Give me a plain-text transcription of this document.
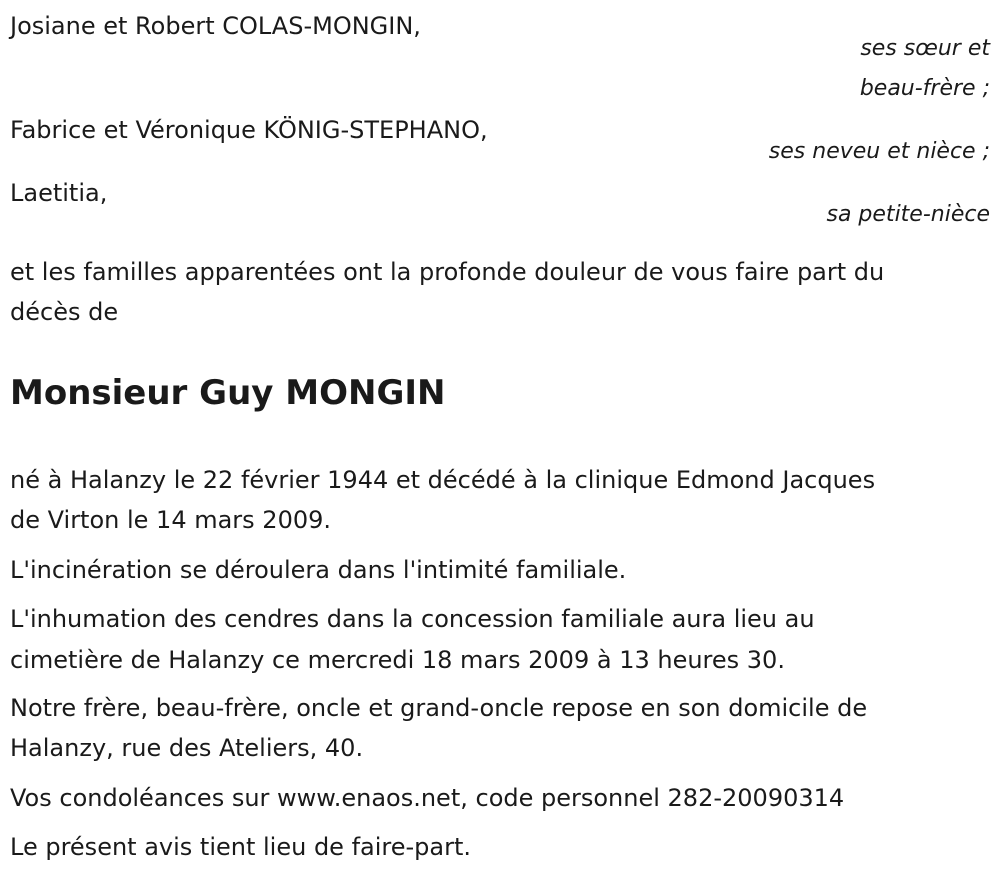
Josiane et Robert COLAS-MONGIN,

ses sœur et

beau-frère ;

Fabrice et Véronique KÖNIG-STEPHANO,

ses neveu et nièce ;

Laetitia,

sa petite-nièce

et les familles apparentées ont la profonde douleur de vous faire part du

décès de

Monsieur Guy MONGIN

né à Halanzy le 22 février 1944 et décédé à la clinique Edmond Jacques

de Virton le 14 mars 2009.

L'incinération se déroulera dans l'intimité familiale.

L'inhumation des cendres dans la concession familiale aura lieu au

cimetière de Halanzy ce mercredi 18 mars 2009 à 13 heures 30.

Notre frère, beau-frère, oncle et grand-oncle repose en son domicile de

Halanzy, rue des Ateliers, 40.

Vos condoléances sur www.enaos.net, code personnel 282-20090314

Le présent avis tient lieu de faire-part.
